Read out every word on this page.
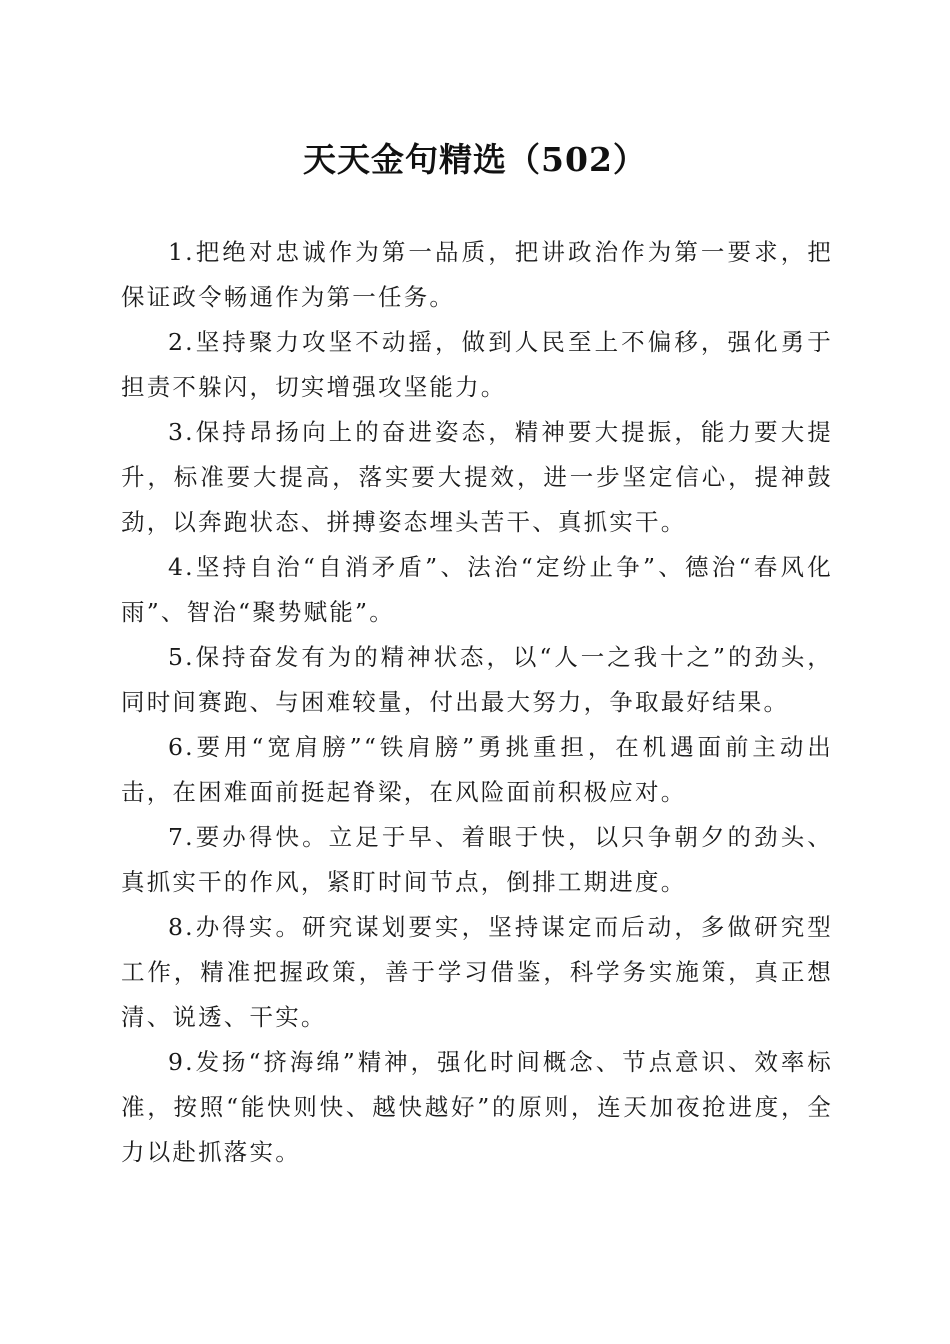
天天金句精选（502）

1.把绝对忠诚作为第一品质，把讲政治作为第一要求，把保证政令畅通作为第一任务。

2.坚持聚力攻坚不动摇，做到人民至上不偏移，强化勇于担责不躲闪，切实增强攻坚能力。

3.保持昂扬向上的奋进姿态，精神要大提振，能力要大提升，标准要大提高，落实要大提效，进一步坚定信心，提神鼓劲，以奔跑状态、拼搏姿态埋头苦干、真抓实干。

4.坚持自治“自消矛盾”、法治“定纷止争”、德治“春风化雨”、智治“聚势赋能”。

5.保持奋发有为的精神状态，以“人一之我十之”的劲头，同时间赛跑、与困难较量，付出最大努力，争取最好结果。

6.要用“宽肩膀”“铁肩膀”勇挑重担，在机遇面前主动出击，在困难面前挺起脊梁，在风险面前积极应对。

7.要办得快。立足于早、着眼于快，以只争朝夕的劲头、真抓实干的作风，紧盯时间节点，倒排工期进度。

8.办得实。研究谋划要实，坚持谋定而后动，多做研究型工作，精准把握政策，善于学习借鉴，科学务实施策，真正想清、说透、干实。

9.发扬“挤海绵”精神，强化时间概念、节点意识、效率标准，按照“能快则快、越快越好”的原则，连天加夜抢进度，全力以赴抓落实。
